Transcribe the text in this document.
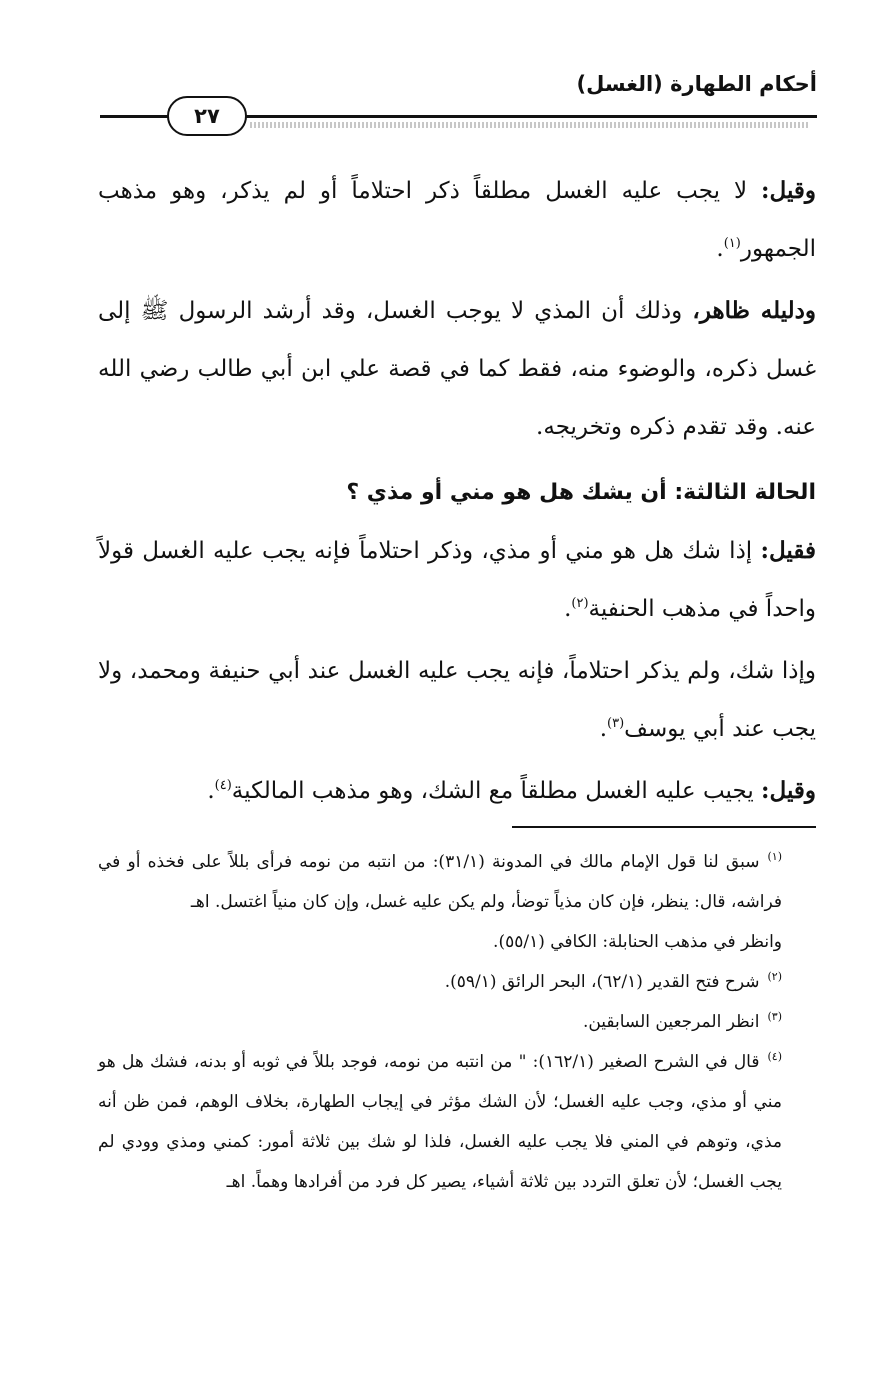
أحكام الطهارة (الغسل)
٢٧

وقيل: لا يجب عليه الغسل مطلقاً ذكر احتلاماً أو لم يذكر، وهو مذهب الجمهور$^{(١)}$.

ودليله ظاهر، وذلك أن المذي لا يوجب الغسل، وقد أرشد الرسول ﷺ إلى غسل ذكره، والوضوء منه، فقط كما في قصة علي ابن أبي طالب رضي الله عنه. وقد تقدم ذكره وتخريجه.

الحالة الثالثة: أن يشك هل هو مني أو مذي ؟

فقيل: إذا شك هل هو مني أو مذي، وذكر احتلاماً فإنه يجب عليه الغسل قولاً واحداً في مذهب الحنفية$^{(٢)}$.

وإذا شك، ولم يذكر احتلاماً، فإنه يجب عليه الغسل عند أبي حنيفة ومحمد، ولا يجب عند أبي يوسف$^{(٣)}$.

وقيل: يجيب عليه الغسل مطلقاً مع الشك، وهو مذهب المالكية$^{(٤)}$.

$^{(١)}$سبق لنا قول الإمام مالك في المدونة (٣١/١): من انتبه من نومه فرأى بللاً على فخذه أو في فراشه، قال: ينظر، فإن كان مذياً توضأ، ولم يكن عليه غسل، وإن كان منياً اغتسل. اهـ

وانظر في مذهب الحنابلة: الكافي (٥٥/١).

$^{(٢)}$شرح فتح القدير (٦٢/١)، البحر الرائق (٥٩/١).

$^{(٣)}$انظر المرجعين السابقين.

$^{(٤)}$قال في الشرح الصغير (١٦٢/١): " من انتبه من نومه، فوجد بللاً في ثوبه أو بدنه، فشك هل هو مني أو مذي، وجب عليه الغسل؛ لأن الشك مؤثر في إيجاب الطهارة، بخلاف الوهم، فمن ظن أنه مذي، وتوهم في المني فلا يجب عليه الغسل، فلذا لو شك بين ثلاثة أمور: كمني ومذي وودي لم يجب الغسل؛ لأن تعلق التردد بين ثلاثة أشياء، يصير كل فرد من أفرادها وهماً. اهـ
